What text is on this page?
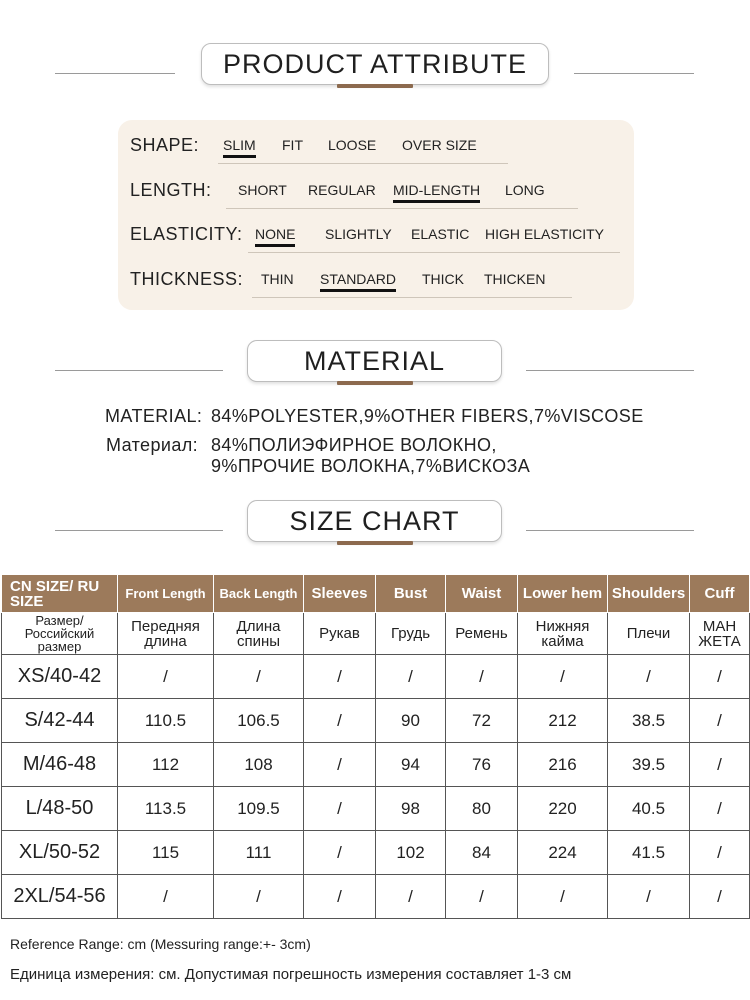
PRODUCT ATTRIBUTE
SHAPE: SLIM FIT LOOSE OVER SIZE
LENGTH: SHORT REGULAR MID-LENGTH LONG
ELASTICITY: NONE SLIGHTLY ELASTIC HIGH ELASTICITY
THICKNESS: THIN STANDARD THICK THICKEN
MATERIAL
MATERIAL: 84%POLYESTER,9%OTHER FIBERS,7%VISCOSE
Материал: 84%ПОЛИЭФИРНОЕ ВОЛОКНО,
9%ПРОЧИЕ ВОЛОКНА,7%ВИСКОЗА
SIZE CHART
CN SIZE/ RU SIZE	Front Length	Back Length	Sleeves	Bust	Waist	Lower hem	Shoulders	Cuff
Размер/ Российский размер	Передняя длина	Длина спины	Рукав	Грудь	Ремень	Нижняя кайма	Плечи	МАН ЖЕТА
XS/40-42	/	/	/	/	/	/	/	/
S/42-44	110.5	106.5	/	90	72	212	38.5	/
M/46-48	112	108	/	94	76	216	39.5	/
L/48-50	113.5	109.5	/	98	80	220	40.5	/
XL/50-52	115	111	/	102	84	224	41.5	/
2XL/54-56	/	/	/	/	/	/	/	/
Reference Range: cm (Messuring range:+- 3cm)
Единица измерения: см. Допустимая погрешность измерения составляет 1-3 см
